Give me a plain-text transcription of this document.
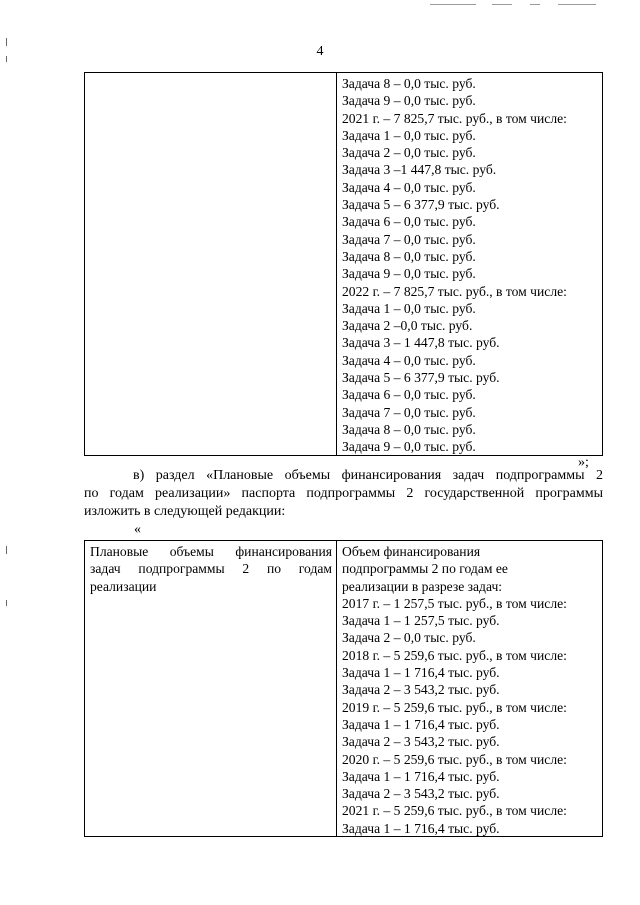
4
Задача 8 – 0,0 тыс. руб.
Задача 9 – 0,0 тыс. руб.
2021 г. – 7 825,7 тыс. руб., в том числе:
Задача 1 – 0,0 тыс. руб.
Задача 2 – 0,0 тыс. руб.
Задача 3 –1 447,8 тыс. руб.
Задача 4 – 0,0 тыс. руб.
Задача 5 – 6 377,9 тыс. руб.
Задача 6 – 0,0 тыс. руб.
Задача 7 – 0,0 тыс. руб.
Задача 8 – 0,0 тыс. руб.
Задача 9 – 0,0 тыс. руб.
2022 г. – 7 825,7 тыс. руб., в том числе:
Задача 1 – 0,0 тыс. руб.
Задача 2 –0,0 тыс. руб.
Задача 3 – 1 447,8 тыс. руб.
Задача 4 – 0,0 тыс. руб.
Задача 5 – 6 377,9 тыс. руб.
Задача 6 – 0,0 тыс. руб.
Задача 7 – 0,0 тыс. руб.
Задача 8 – 0,0 тыс. руб.
Задача 9 – 0,0 тыс. руб.
»;
в) раздел «Плановые объемы финансирования задач подпрограммы 2
по годам реализации» паспорта подпрограммы 2 государственной программы
изложить в следующей редакции:
«
Плановые объемы финансирования
задач подпрограммы 2 по годам
реализации
Объем финансирования
подпрограммы 2 по годам ее
реализации в разрезе задач:
2017 г. – 1 257,5 тыс. руб., в том числе:
Задача 1 – 1 257,5 тыс. руб.
Задача 2 – 0,0 тыс. руб.
2018 г. – 5 259,6 тыс. руб., в том числе:
Задача 1 – 1 716,4 тыс. руб.
Задача 2 – 3 543,2 тыс. руб.
2019 г. – 5 259,6 тыс. руб., в том числе:
Задача 1 – 1 716,4 тыс. руб.
Задача 2 – 3 543,2 тыс. руб.
2020 г. – 5 259,6 тыс. руб., в том числе:
Задача 1 – 1 716,4 тыс. руб.
Задача 2 – 3 543,2 тыс. руб.
2021 г. – 5 259,6 тыс. руб., в том числе:
Задача 1 – 1 716,4 тыс. руб.
